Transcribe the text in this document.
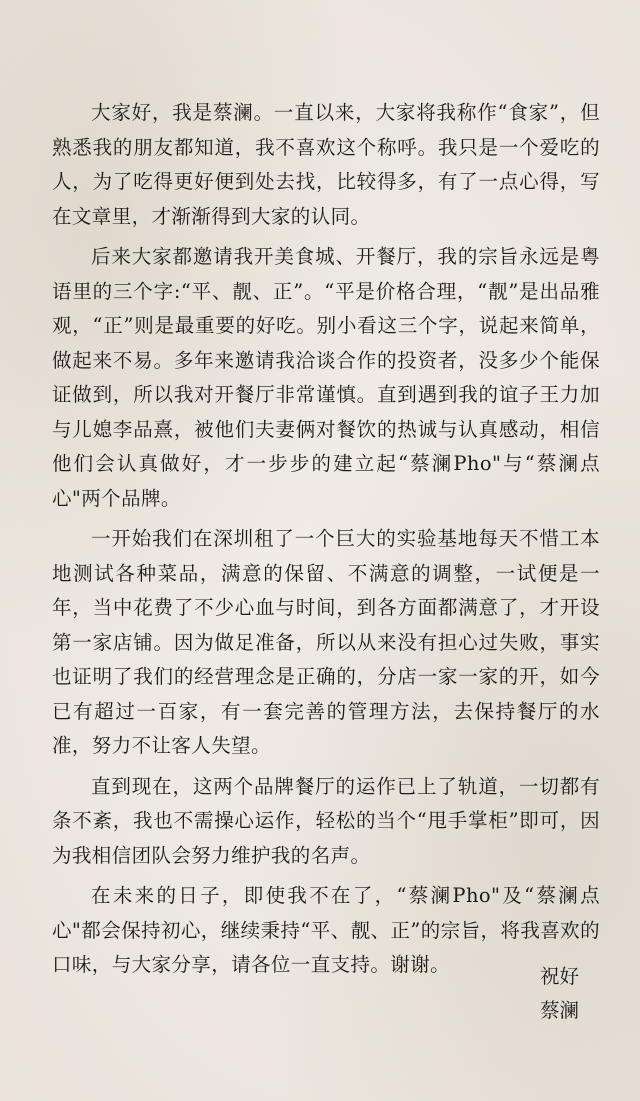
大家好，我是蔡澜。一直以来，大家将我称作“食家”，但熟悉我的朋友都知道，我不喜欢这个称呼。我只是一个爱吃的人，为了吃得更好便到处去找，比较得多，有了一点心得，写在文章里，才渐渐得到大家的认同。

后来大家都邀请我开美食城、开餐厅，我的宗旨永远是粤语里的三个字:“平、靓、正”。“平是价格合理，“靓”是出品雅观，“正”则是最重要的好吃。别小看这三个字，说起来简单，做起来不易。多年来邀请我洽谈合作的投资者，没多少个能保证做到，所以我对开餐厅非常谨慎。直到遇到我的谊子王力加与儿媳李品熹，被他们夫妻俩对餐饮的热诚与认真感动，相信他们会认真做好，才一步步的建立起“蔡澜Pho"与“蔡澜点心"两个品牌。

一开始我们在深圳租了一个巨大的实验基地每天不惜工本地测试各种菜品，满意的保留、不满意的调整，一试便是一年，当中花费了不少心血与时间，到各方面都满意了，才开设第一家店铺。因为做足准备，所以从来没有担心过失败，事实也证明了我们的经营理念是正确的，分店一家一家的开，如今已有超过一百家，有一套完善的管理方法，去保持餐厅的水准，努力不让客人失望。

直到现在，这两个品牌餐厅的运作已上了轨道，一切都有条不紊，我也不需操心运作，轻松的当个“甩手掌柜”即可，因为我相信团队会努力维护我的名声。

在未来的日子，即使我不在了，“蔡澜Pho"及“蔡澜点心"都会保持初心，继续秉持“平、靓、正”的宗旨，将我喜欢的口味，与大家分享，请各位一直支持。谢谢。

祝好
蔡澜
